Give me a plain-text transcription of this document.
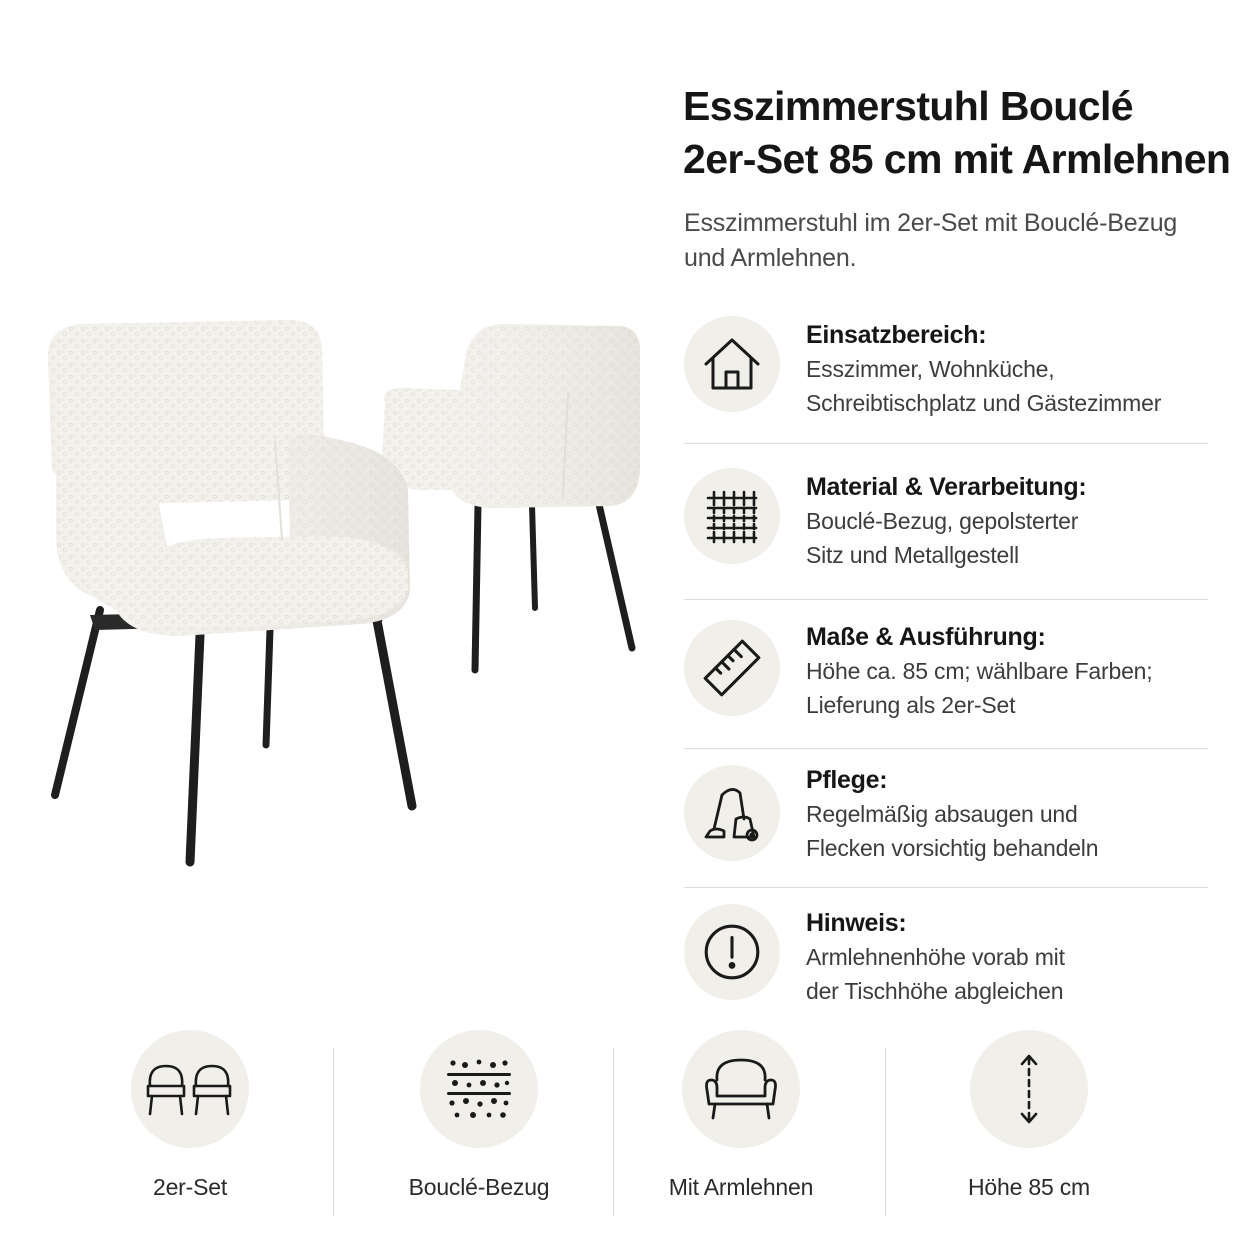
Esszimmerstuhl Bouclé
2er-Set 85 cm mit Armlehnen
Esszimmerstuhl im 2er-Set mit Bouclé-Bezug
und Armlehnen.
Einsatzbereich:
Esszimmer, Wohnküche,
Schreibtischplatz und Gästezimmer
Material & Verarbeitung:
Bouclé-Bezug, gepolsterter
Sitz und Metallgestell
Maße & Ausführung:
Höhe ca. 85 cm; wählbare Farben;
Lieferung als 2er-Set
Pflege:
Regelmäßig absaugen und
Flecken vorsichtig behandeln
Hinweis:
Armlehnenhöhe vorab mit
der Tischhöhe abgleichen
2er-Set	Bouclé-Bezug	Mit Armlehnen	Höhe 85 cm
